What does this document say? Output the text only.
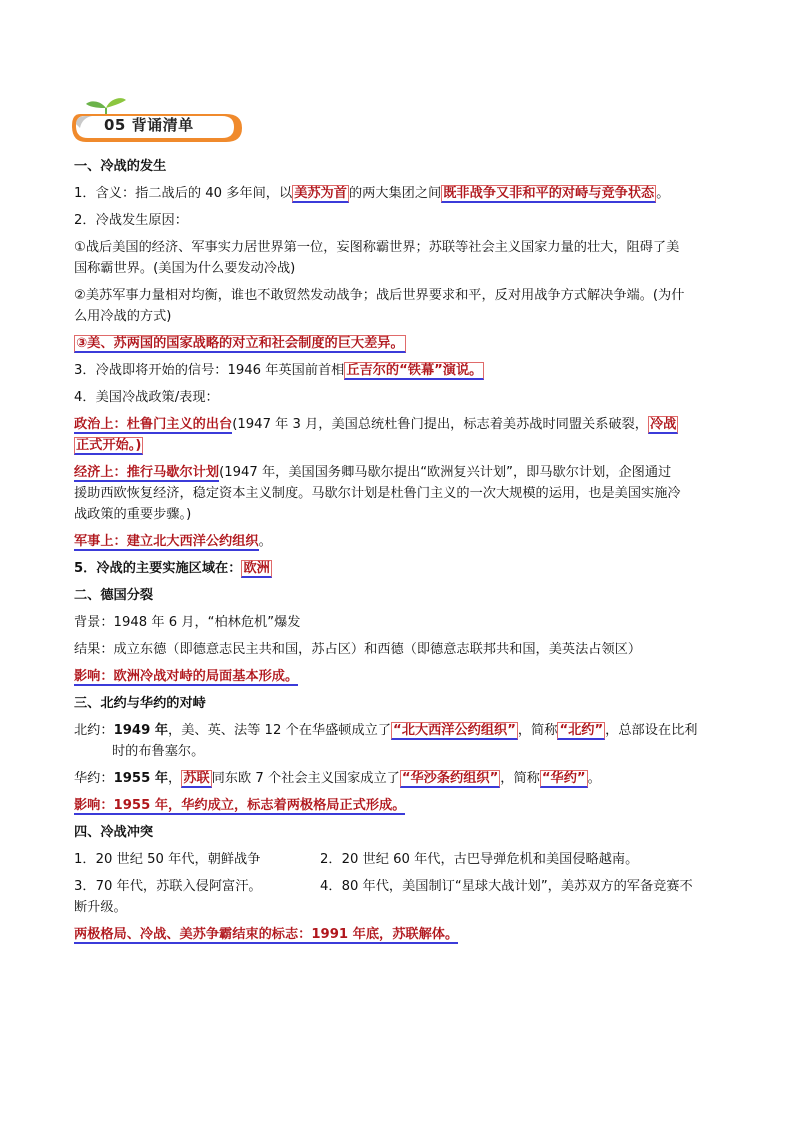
05 背诵清单
一、冷战的发生
1．含义：指二战后的 40 多年间，以 美苏为首 的两大集团之间 既非战争又非和平的对峙与竞争状态 。
2．冷战发生原因：
①战后美国的经济、军事实力居世界第一位，妄图称霸世界；苏联等社会主义国家力量的壮大，阻碍了美
国称霸世界。(美国为什么要发动冷战)
②美苏军事力量相对均衡，谁也不敢贸然发动战争；战后世界要求和平，反对用战争方式解决争端。(为什
么用冷战的方式)
③美、苏两国的国家战略的对立和社会制度的巨大差异。
3．冷战即将开始的信号：1946 年英国前首相 丘吉尔的“铁幕”演说。
4．美国冷战政策/表现：
政治上：杜鲁门主义的出台(1947 年 3 月，美国总统杜鲁门提出，标志着美苏战时同盟关系破裂， 冷战
正式开始。)
经济上：推行马歇尔计划(1947 年，美国国务卿马歇尔提出“欧洲复兴计划”，即马歇尔计划，企图通过
援助西欧恢复经济，稳定资本主义制度。马歇尔计划是杜鲁门主义的一次大规模的运用，也是美国实施冷
战政策的重要步骤。)
军事上：建立北大西洋公约组织。
5．冷战的主要实施区域在： 欧洲
二、德国分裂
背景：1948 年 6 月，“柏林危机”爆发
结果：成立东德（即德意志民主共和国，苏占区）和西德（即德意志联邦共和国，美英法占领区）
影响：欧洲冷战对峙的局面基本形成。
三、北约与华约的对峙
北约：1949 年，美、英、法等 12 个在华盛顿成立了 “北大西洋公约组织” ，简称 “北约” ，总部设在比利
时的布鲁塞尔。
华约：1955 年， 苏联 同东欧 7 个社会主义国家成立了 “华沙条约组织” ，简称 “华约” 。
影响：1955 年，华约成立，标志着两极格局正式形成。
四、冷战冲突
1．20 世纪 50 年代，朝鲜战争	2．20 世纪 60 年代，古巴导弹危机和美国侵略越南。
3．70 年代，苏联入侵阿富汗。	4．80 年代，美国制订“星球大战计划”，美苏双方的军备竞赛不
断升级。
两极格局、冷战、美苏争霸结束的标志：1991 年底，苏联解体。
